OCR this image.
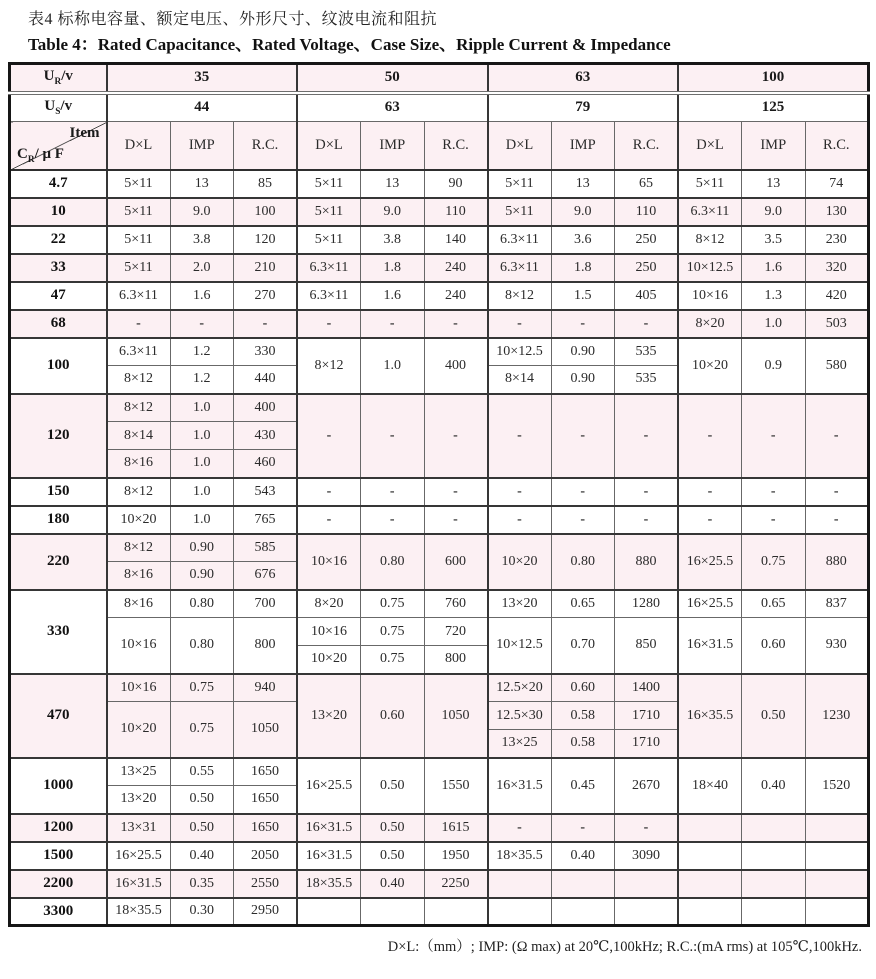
表4 标称电容量、额定电压、外形尺寸、纹波电流和阻抗
Table 4：Rated Capacitance、Rated Voltage、Case Size、Ripple Current & Impedance
$U_R/v$	35			50			63			100		
$U_S/v$	44			63			79			125		

Item
$C_R/$ μ F	D×L	IMP	R.C.	D×L	IMP	R.C.	D×L	IMP	R.C.	D×L	IMP	R.C.
4.7	5×11	13	85	5×11	13	90	5×11	13	65	5×11	13	74
10	5×11	9.0	100	5×11	9.0	110	5×11	9.0	110	6.3×11	9.0	130
22	5×11	3.8	120	5×11	3.8	140	6.3×11	3.6	250	8×12	3.5	230
33	5×11	2.0	210	6.3×11	1.8	240	6.3×11	1.8	250	10×12.5	1.6	320
47	6.3×11	1.6	270	6.3×11	1.6	240	8×12	1.5	405	10×16	1.3	420
68	-	-	-	-	-	-	-	-	-	8×20	1.0	503
100	6.3×11	1.2	330	8×12	1.0	400	10×12.5	0.90	535	10×20	0.9	580
	8×12	1.2	440				8×14	0.90	535			
120	8×12	1.0	400	-	-	-	-	-	-	-	-	-
	8×14	1.0	430									
	8×16	1.0	460									
150	8×12	1.0	543	-	-	-	-	-	-	-	-	-
180	10×20	1.0	765	-	-	-	-	-	-	-	-	-
220	8×12	0.90	585	10×16	0.80	600	10×20	0.80	880	16×25.5	0.75	880
	8×16	0.90	676									
330	8×16	0.80	700	8×20	0.75	760	13×20	0.65	1280	16×25.5	0.65	837
	10×16	0.80	800	10×16	0.75	720	10×12.5	0.70	850	16×31.5	0.60	930
				10×20	0.75	800						
470	10×16	0.75	940	13×20	0.60	1050	12.5×20	0.60	1400	16×35.5	0.50	1230
	10×20	0.75	1050				12.5×30	0.58	1710			
							13×25	0.58	1710			
1000	13×25	0.55	1650	16×25.5	0.50	1550	16×31.5	0.45	2670	18×40	0.40	1520
	13×20	0.50	1650									
1200	13×31	0.50	1650	16×31.5	0.50	1615	-	-	-			
1500	16×25.5	0.40	2050	16×31.5	0.50	1950	18×35.5	0.40	3090			
2200	16×31.5	0.35	2550	18×35.5	0.40	2250						
3300	18×35.5	0.30	2950									
D×L:（mm）; IMP: (Ω max) at 20℃,100kHz; R.C.:(mA rms) at 105℃,100kHz.
